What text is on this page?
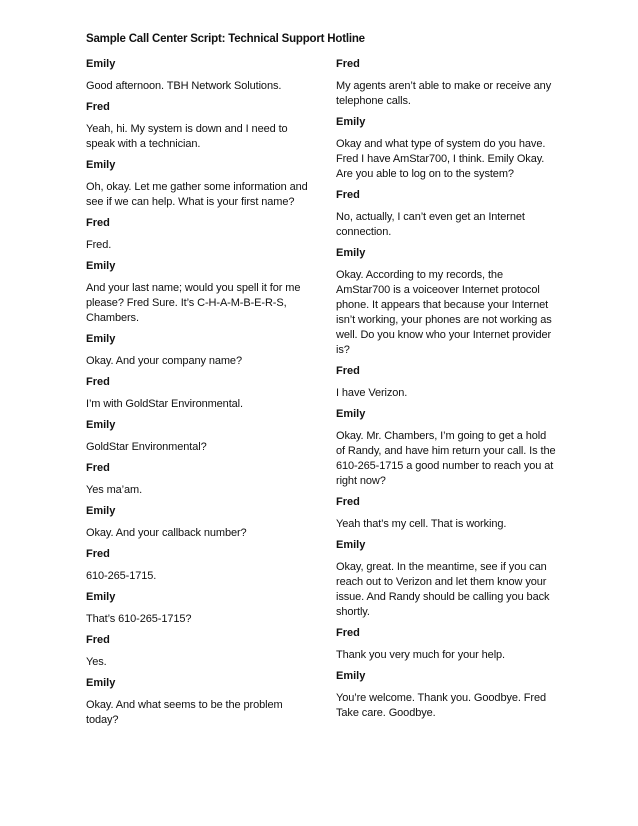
Sample Call Center Script: Technical Support Hotline
Emily
Good afternoon. TBH Network Solutions.
Fred
Yeah, hi. My system is down and I need to speak with a technician.
Emily
Oh, okay. Let me gather some information and see if we can help. What is your first name?
Fred
Fred.
Emily
And your last name; would you spell it for me please? Fred Sure. It’s C-H-A-M-B-E-R-S, Chambers.
Emily
Okay. And your company name?
Fred
I’m with GoldStar Environmental.
Emily
GoldStar Environmental?
Fred
Yes ma’am.
Emily
Okay. And your callback number?
Fred
610-265-1715.
Emily
That’s 610-265-1715?
Fred
Yes.
Emily
Okay. And what seems to be the problem today?
Fred
My agents aren’t able to make or receive any telephone calls.
Emily
Okay and what type of system do you have. Fred I have AmStar700, I think. Emily Okay. Are you able to log on to the system?
Fred
No, actually, I can’t even get an Internet connection.
Emily
Okay. According to my records, the AmStar700 is a voiceover Internet protocol phone. It appears that because your Internet isn’t working, your phones are not working as well. Do you know who your Internet provider is?
Fred
I have Verizon.
Emily
Okay. Mr. Chambers, I’m going to get a hold of Randy, and have him return your call. Is the 610-265-1715 a good number to reach you at right now?
Fred
Yeah that’s my cell. That is working.
Emily
Okay, great. In the meantime, see if you can reach out to Verizon and let them know your issue. And Randy should be calling you back shortly.
Fred
Thank you very much for your help.
Emily
You’re welcome. Thank you. Goodbye. Fred Take care. Goodbye.
